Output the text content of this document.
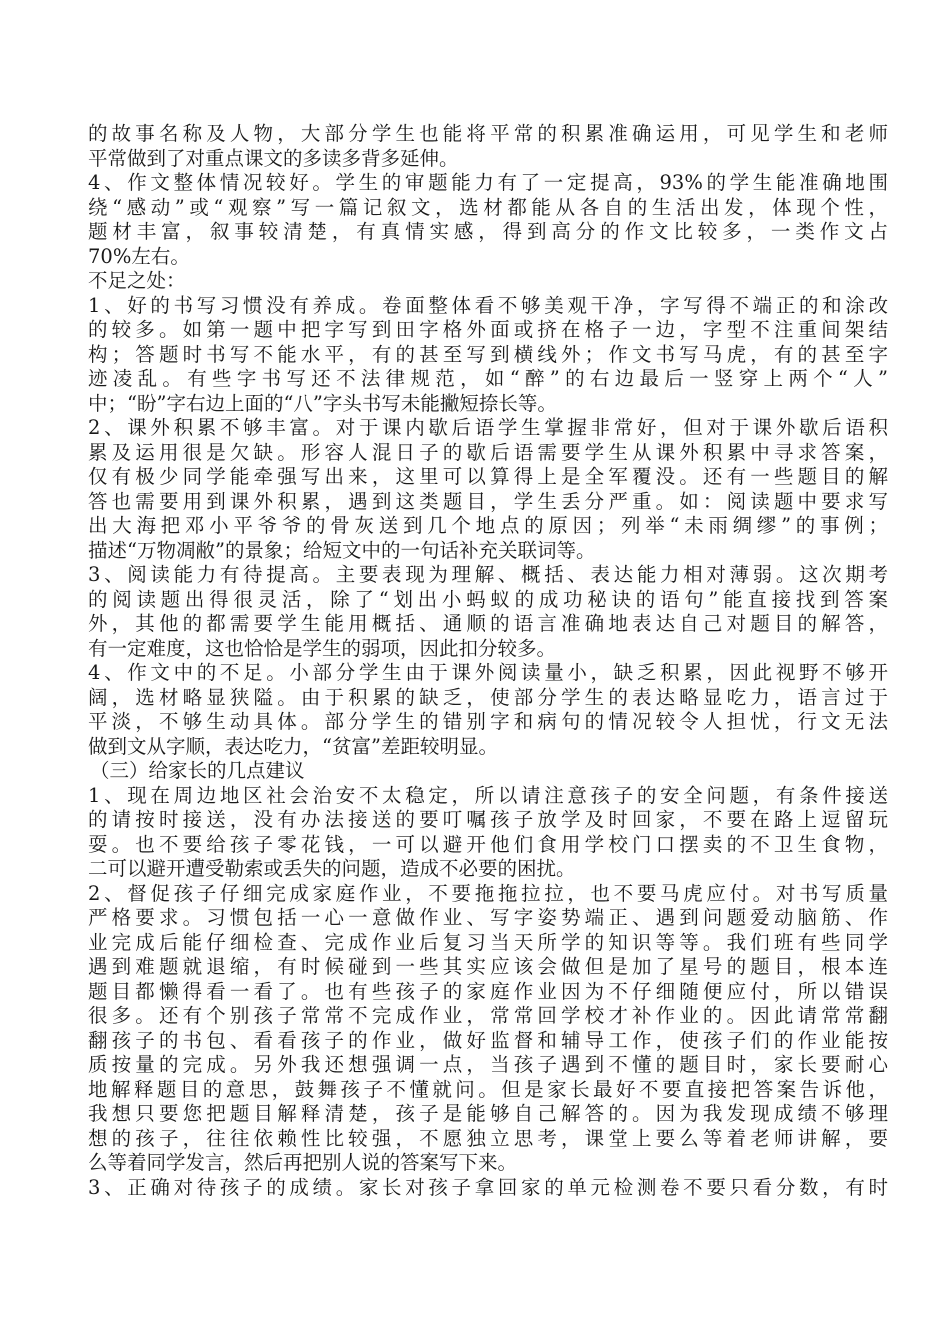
的故事名称及人物，大部分学生也能将平常的积累准确运用，可见学生和老师
平常做到了对重点课文的多读多背多延伸。
4、作文整体情况较好。学生的审题能力有了一定提高，93%的学生能准确地围
绕“感动”或“观察”写一篇记叙文，选材都能从各自的生活出发，体现个性，
题材丰富，叙事较清楚，有真情实感，得到高分的作文比较多，一类作文占
70%左右。
不足之处：
1、好的书写习惯没有养成。卷面整体看不够美观干净，字写得不端正的和涂改
的较多。如第一题中把字写到田字格外面或挤在格子一边，字型不注重间架结
构；答题时书写不能水平，有的甚至写到横线外；作文书写马虎，有的甚至字
迹凌乱。有些字书写还不法律规范，如“醉”的右边最后一竖穿上两个“人”
中；“盼”字右边上面的“八”字头书写未能撇短捺长等。
2、课外积累不够丰富。对于课内歇后语学生掌握非常好，但对于课外歇后语积
累及运用很是欠缺。形容人混日子的歇后语需要学生从课外积累中寻求答案，
仅有极少同学能牵强写出来，这里可以算得上是全军覆没。还有一些题目的解
答也需要用到课外积累，遇到这类题目，学生丢分严重。如：阅读题中要求写
出大海把邓小平爷爷的骨灰送到几个地点的原因；列举“未雨绸缪”的事例；
描述“万物凋敝”的景象；给短文中的一句话补充关联词等。
3、阅读能力有待提高。主要表现为理解、概括、表达能力相对薄弱。这次期考
的阅读题出得很灵活，除了“划出小蚂蚁的成功秘诀的语句”能直接找到答案
外，其他的都需要学生能用概括、通顺的语言准确地表达自己对题目的解答，
有一定难度，这也恰恰是学生的弱项，因此扣分较多。
4、作文中的不足。小部分学生由于课外阅读量小，缺乏积累，因此视野不够开
阔，选材略显狭隘。由于积累的缺乏，使部分学生的表达略显吃力，语言过于
平淡，不够生动具体。部分学生的错别字和病句的情况较令人担忧，行文无法
做到文从字顺，表达吃力，“贫富”差距较明显。
（三）给家长的几点建议
1、现在周边地区社会治安不太稳定，所以请注意孩子的安全问题，有条件接送
的请按时接送，没有办法接送的要叮嘱孩子放学及时回家，不要在路上逗留玩
耍。也不要给孩子零花钱，一可以避开他们食用学校门口摆卖的不卫生食物，
二可以避开遭受勒索或丢失的问题，造成不必要的困扰。
2、督促孩子仔细完成家庭作业，不要拖拖拉拉，也不要马虎应付。对书写质量
严格要求。习惯包括一心一意做作业、写字姿势端正、遇到问题爱动脑筋、作
业完成后能仔细检查、完成作业后复习当天所学的知识等等。我们班有些同学
遇到难题就退缩，有时候碰到一些其实应该会做但是加了星号的题目，根本连
题目都懒得看一看了。也有些孩子的家庭作业因为不仔细随便应付，所以错误
很多。还有个别孩子常常不完成作业，常常回学校才补作业的。因此请常常翻
翻孩子的书包、看看孩子的作业，做好监督和辅导工作，使孩子们的作业能按
质按量的完成。另外我还想强调一点，当孩子遇到不懂的题目时，家长要耐心
地解释题目的意思，鼓舞孩子不懂就问。但是家长最好不要直接把答案告诉他，
我想只要您把题目解释清楚，孩子是能够自己解答的。因为我发现成绩不够理
想的孩子，往往依赖性比较强，不愿独立思考，课堂上要么等着老师讲解，要
么等着同学发言，然后再把别人说的答案写下来。
3、正确对待孩子的成绩。家长对孩子拿回家的单元检测卷不要只看分数，有时
